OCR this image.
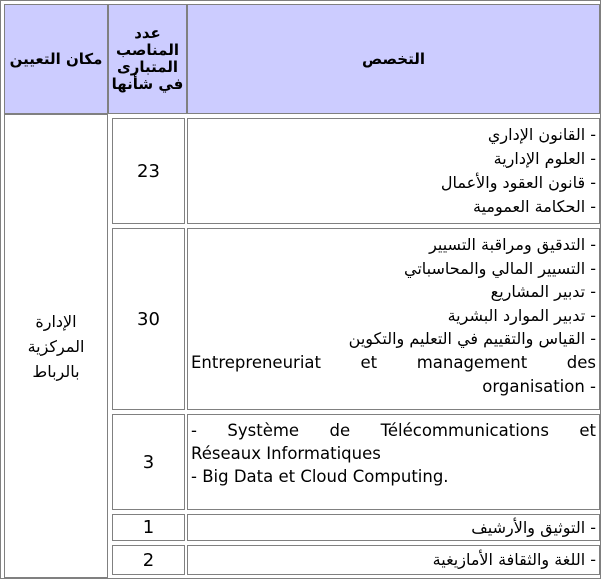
مكان التعيين
عدد
المناصب
المتبارى
في شأنها
التخصص
الإدارة
المركزية
بالرباط
23
- القانون الإداري
- العلوم الإدارية
- قانون العقود والأعمال
- الحكامة العمومية
30
- التدقيق ومراقبة التسيير
- التسيير المالي والمحاسباتي
- تدبير المشاريع
- تدبير الموارد البشرية
- القياس والتقييم في التعليم والتكوين
Entrepreneuriat et management des
organisation -
3
- Système de Télécommunications et
Réseaux Informatiques
- Big Data et Cloud Computing.
1	- التوثيق والأرشيف
2	- اللغة والثقافة الأمازيغية
